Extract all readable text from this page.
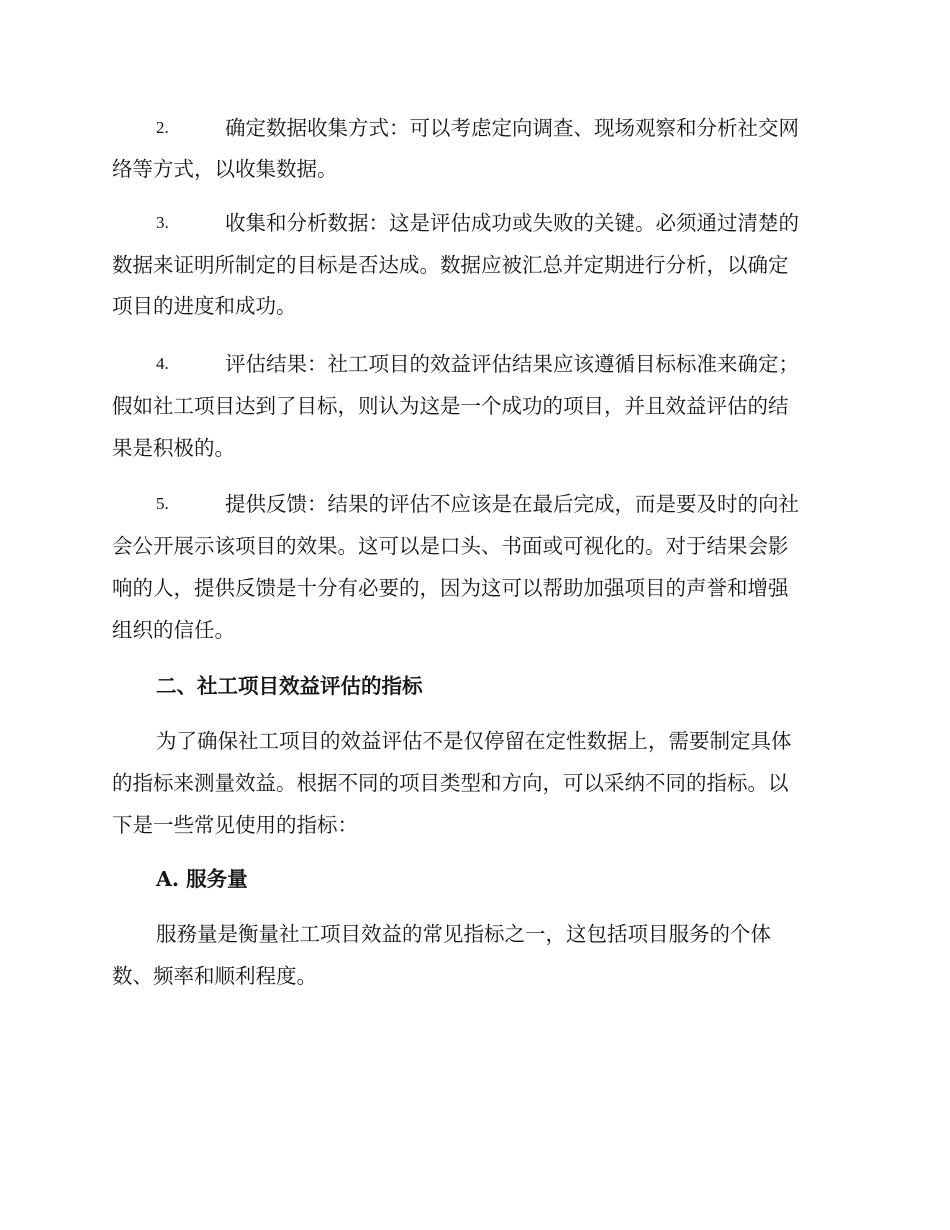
2.	确定数据收集方式：可以考虑定向调查、现场观察和分析社交网
络等方式，以收集数据。
3.	收集和分析数据：这是评估成功或失败的关键。必须通过清楚的
数据来证明所制定的目标是否达成。数据应被汇总并定期进行分析，以确定
项目的进度和成功。
4.	评估结果：社工项目的效益评估结果应该遵循目标标准来确定；
假如社工项目达到了目标，则认为这是一个成功的项目，并且效益评估的结
果是积极的。
5.	提供反馈：结果的评估不应该是在最后完成，而是要及时的向社
会公开展示该项目的效果。这可以是口头、书面或可视化的。对于结果会影
响的人，提供反馈是十分有必要的，因为这可以帮助加强项目的声誉和增强
组织的信任。
二、社工项目效益评估的指标
为了确保社工项目的效益评估不是仅停留在定性数据上，需要制定具体
的指标来测量效益。根据不同的项目类型和方向，可以采纳不同的指标。以
下是一些常见使用的指标：
A. 服务量
服務量是衡量社工项目效益的常见指标之一，这包括项目服务的个体
数、频率和顺利程度。
